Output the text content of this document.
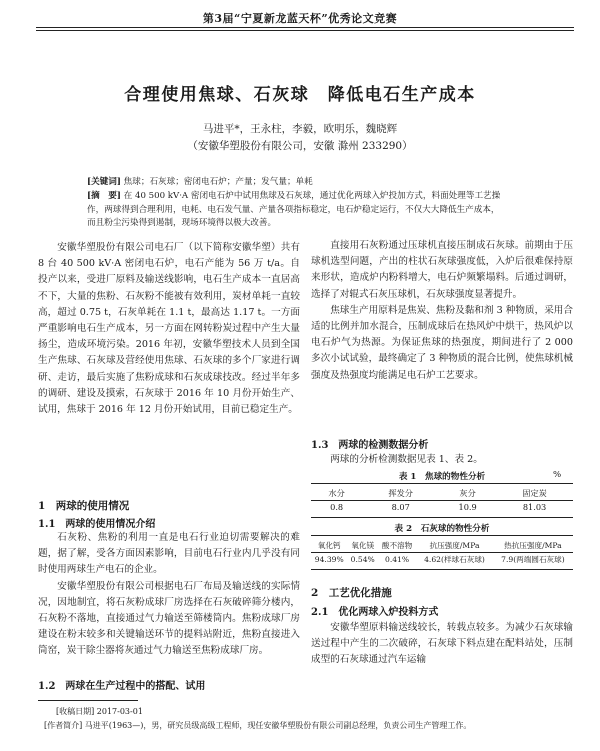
第3届“宁夏新龙蓝天杯”优秀论文竞赛
合理使用焦球、石灰球　降低电石生产成本
马进平*，王永柱，李毅，欧明乐，魏晓辉
（安徽华塑股份有限公司，安徽 滁州 233290）
[关键词] 焦球；石灰球；密闭电石炉；产量；发气量；单耗
[摘　要] 在 40 500 kV·A 密闭电石炉中试用焦球及石灰球，通过优化两球入炉投加方式，料面处理等工艺操作，两球得到合理利用，电耗、电石发气量、产量各项指标稳定，电石炉稳定运行，不仅大大降低生产成本，而且粉尘污染得到遏制，现场环境得以极大改善。

安徽华塑股份有限公司电石厂（以下简称安徽华塑）共有 8 台 40 500 kV·A 密闭电石炉，电石产能为 56 万 t/a。自投产以来，受进厂原料及输送线影响，电石生产成本一直居高不下，大量的焦粉、石灰粉不能被有效利用，炭材单耗一直较高，超过 0.75 t，石灰单耗在 1.1 t，最高达 1.17 t。一方面严重影响电石生产成本，另一方面在网转粉炭过程中产生大量扬尘，造成环境污染。2016 年初，安徽华塑技术人员到全国生产焦球、石灰球及营经使用焦球、石灰球的多个厂家进行调研、走访，最后实施了焦粉成球和石灰成球技改。经过半年多的调研、建设及摸索，石灰球于 2016 年 10 月份开始生产、试用，焦球于 2016 年 12 月份开始试用，目前已稳定生产。

1　两球的使用情况
1.1　两球的使用情况介绍

石灰粉、焦粉的利用一直是电石行业迫切需要解决的难题，据了解，受各方面因素影响，目前电石行业内几乎没有同时使用两球生产电石的企业。

安徽华塑股份有限公司根据电石厂布局及输送线的实际情况，因地制宜，将石灰粉成球厂房选择在石灰破碎筛分楼内，石灰粉不落地，直接通过气力输送至筛楼筒内。焦粉成球厂房建设在粉末较多和关键输送环节的提料站附近，焦粉直接进入筒窑，炭干除尘器将灰通过气力输送至焦粉成球厂房。

1.2　两球在生产过程中的搭配、试用

直接用石灰粉通过压球机直接压制成石灰球。前期由于压球机选型问题，产出的柱状石灰球强度低，入炉后很难保持原来形状，造成炉内粉料增大，电石炉频繁塌料。后通过调研，选择了对辊式石灰压球机，石灰球强度显著提升。

焦球生产用原料是焦炭、焦粉及黏和剂 3 种物质，采用合适的比例并加水混合，压制成球后在热风炉中烘干，热风炉以电石炉气为热源。为保证焦球的热强度，期间进行了 2 000 多次小试试验，最终确定了 3 种物质的混合比例，使焦球机械强度及热强度均能满足电石炉工艺要求。

1.3　两球的检测数据分析

两球的分析检测数据见表 1、表 2。

表 1　焦球的物性分析	%
水分	挥发分	灰分	固定炭
0.8	8.07	10.9	81.03
表 2　石灰球的物性分析
氧化钙	氧化镁	酸不溶物	抗压强度/MPa	热抗压强度/MPa
94.39%	0.54%	0.41%	4.62(样球石灰球)	7.9(两端圆石灰球)
2　工艺优化措施
2.1　优化两球入炉投料方式

安徽华塑原料输送线较长，转载点较多。为减少石灰球输送过程中产生的二次破碎，石灰球下料点建在配料站处，压制成型的石灰球通过汽车运输

[收稿日期] 2017-03-01
[作者简介] 马进平(1963—)，男，研究员级高级工程师，现任安徽华塑股份有限公司副总经理，负责公司生产管理工作。
